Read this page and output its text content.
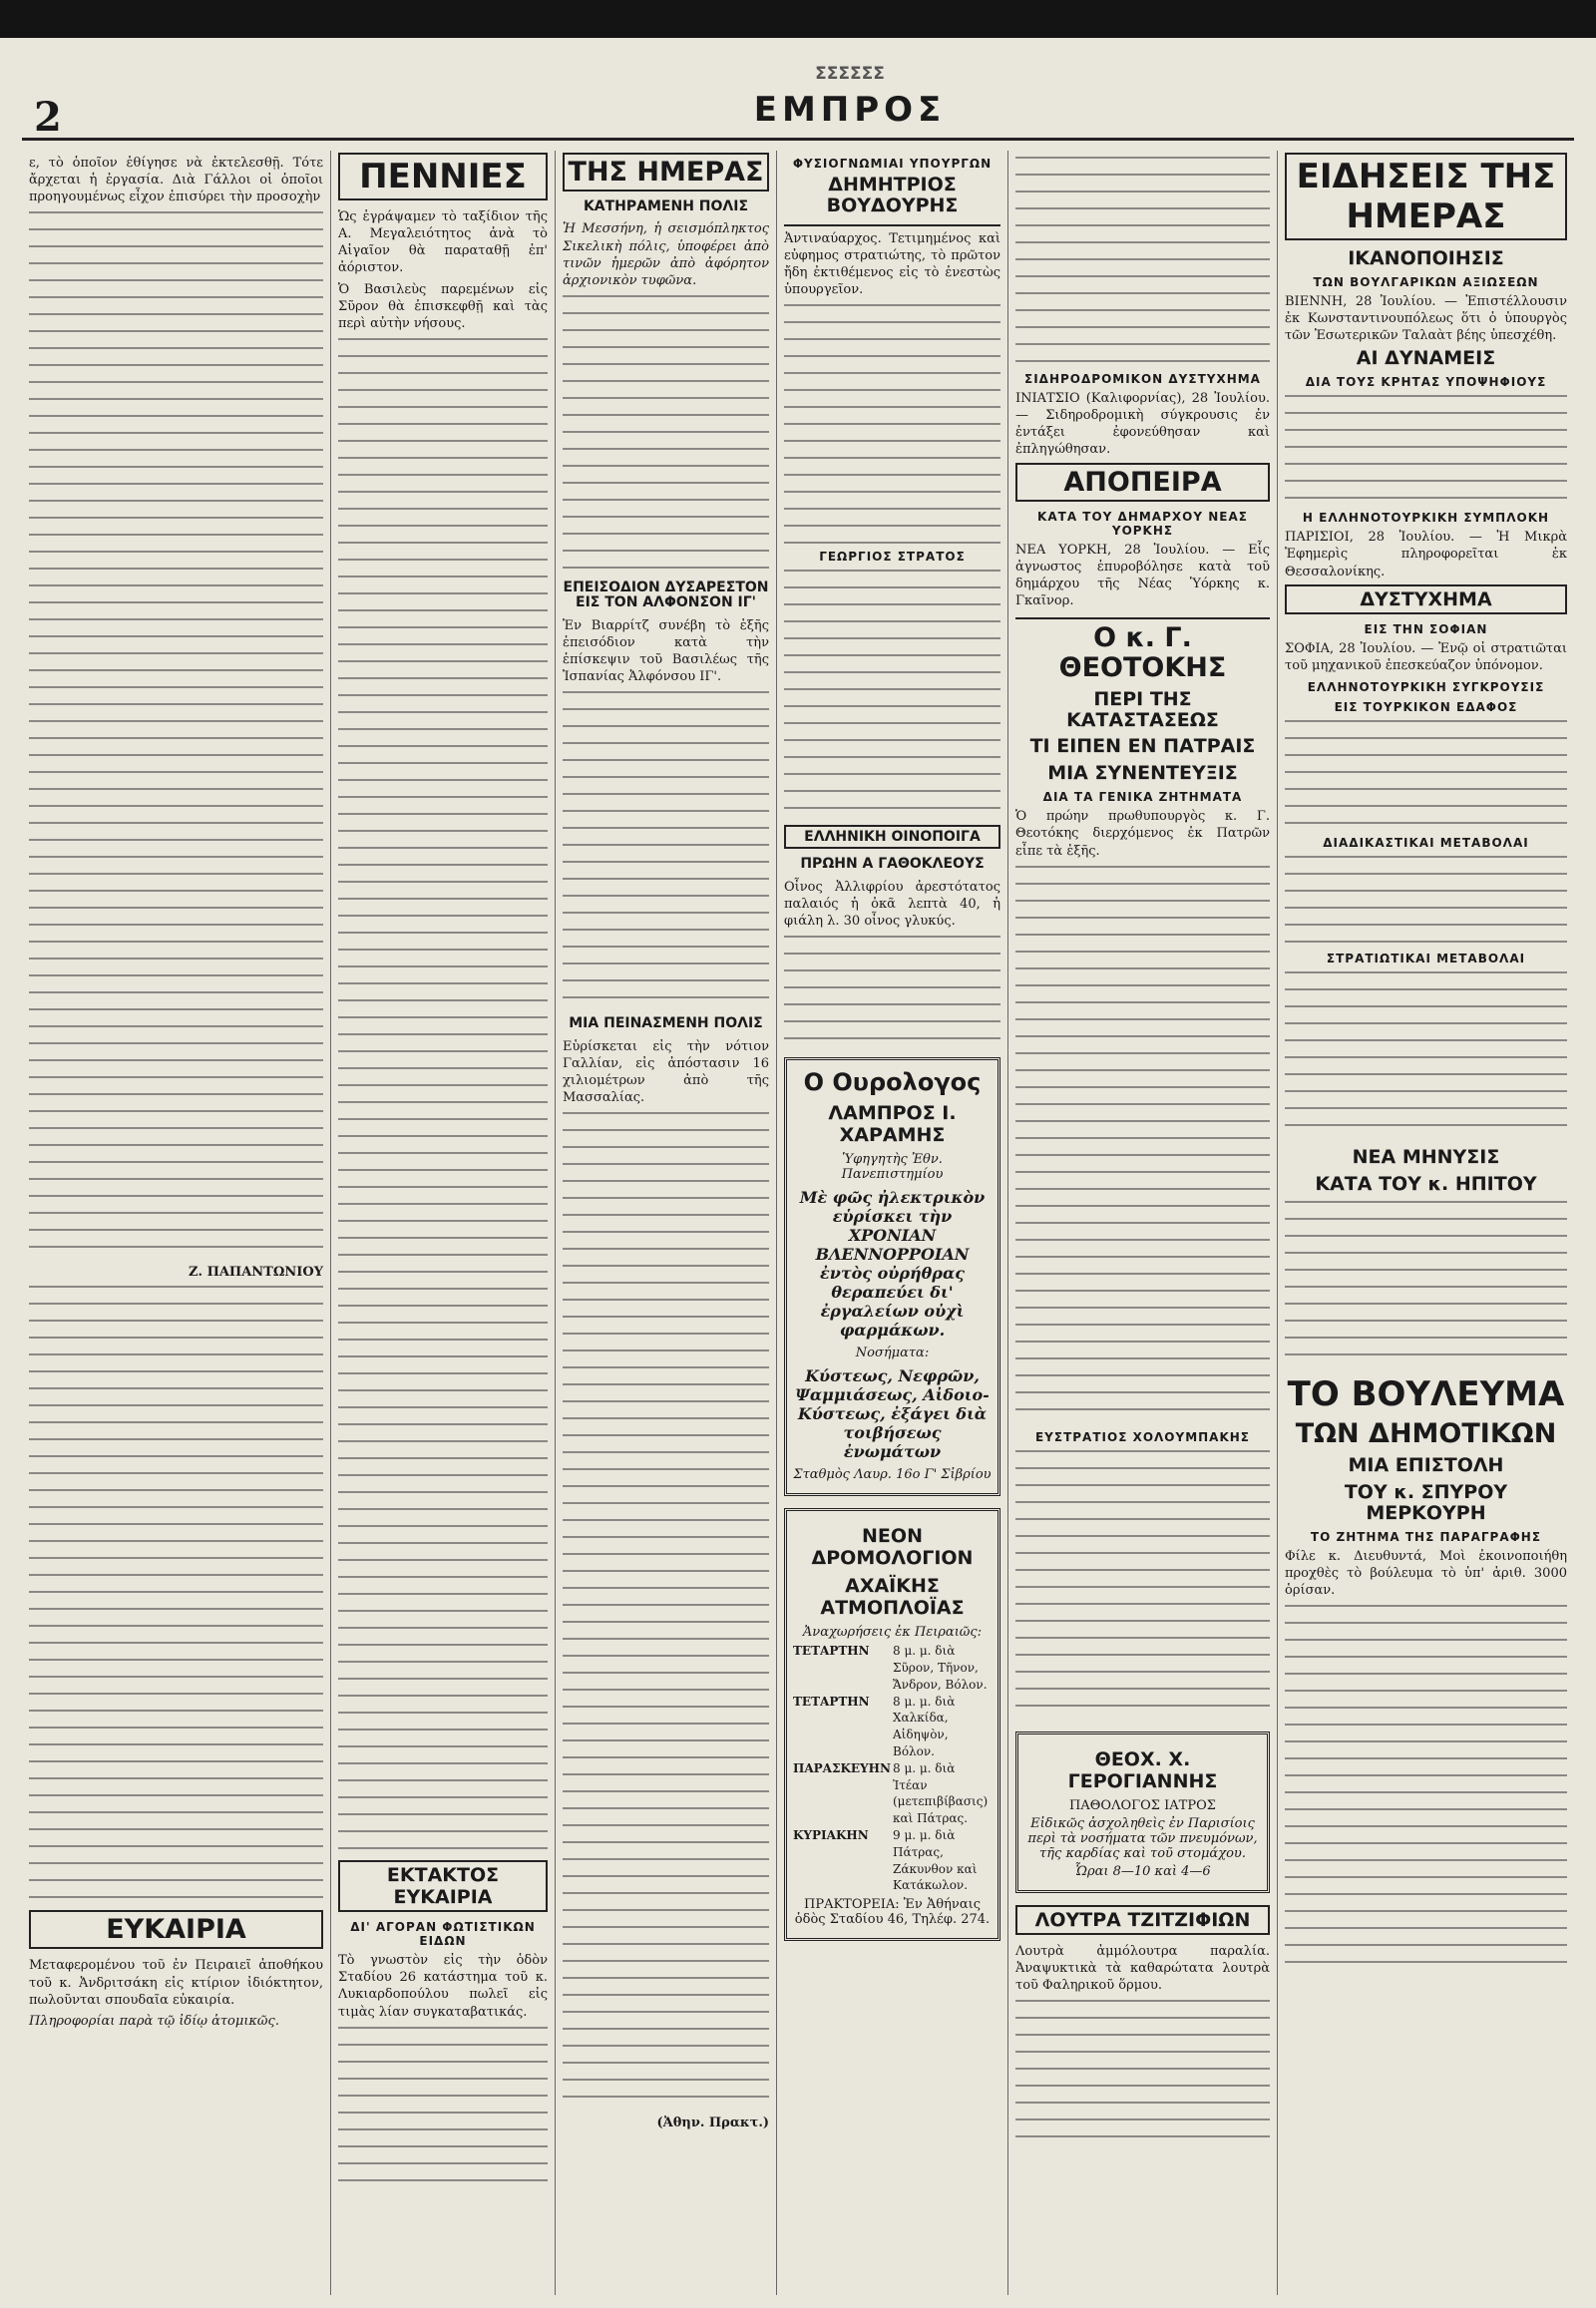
2
ΣΣΣΣΣΣ
ΕΜΠΡΟΣ

ε, τὸ ὁποῖον ἐθίγησε νὰ ἐκτελεσθῇ. Τότε ἄρχεται ἡ ἐργασία. Διὰ Γάλλοι οἱ ὁποῖοι προηγουμένως εἶχον ἐπισύρει τὴν προσοχὴν

Ζ. ΠΑΠΑΝΤΩΝΙΟΥ
ΕΥΚΑΙΡΙΑ

Μεταφερομένου τοῦ ἐν Πειραιεῖ ἀποθήκου τοῦ κ. Ἀνδριτσάκη εἰς κτίριον ἰδιόκτητον, πωλοῦνται σπουδαῖα εὐκαιρία.

Πληροφορίαι παρὰ τῷ ἰδίῳ ἀτομικῶς.

ΠΕΝΝΙΕΣ

Ὡς ἐγράψαμεν τὸ ταξίδιον τῆς Α. Μεγαλειότητος ἀνὰ τὸ Αἰγαῖον θὰ παραταθῇ ἐπ' ἀόριστον.

Ὁ Βασιλεὺς παρεμένων εἰς Σῦρον θὰ ἐπισκεφθῇ καὶ τὰς περὶ αὐτὴν νήσους.

ΕΚΤΑΚΤΟΣ ΕΥΚΑΙΡΙΑ
ΔΙ' ΑΓΟΡΑΝ ΦΩΤΙΣΤΙΚΩΝ ΕΙΔΩΝ

Τὸ γνωστὸν εἰς τὴν ὁδὸν Σταδίου 26 κατάστημα τοῦ κ. Λυκιαρδοπούλου πωλεῖ εἰς τιμὰς λίαν συγκαταβατικάς.

ΤΗΣ ΗΜΕΡΑΣ
ΚΑΤΗΡΑΜΕΝΗ ΠΟΛΙΣ

Ἡ Μεσσήνη, ἡ σεισμόπληκτος Σικελικὴ πόλις, ὑποφέρει ἀπὸ τινῶν ἡμερῶν ἀπὸ ἀφόρητον ἀρχιονικὸν τυφῶνα.

ΕΠΕΙΣΟΔΙΟΝ ΔΥΣΑΡΕΣΤΟΝ ΕΙΣ ΤΟΝ ΑΛΦΟΝΣΟΝ ΙΓ'

Ἐν Βιαρρίτζ συνέβη τὸ ἑξῆς ἐπεισόδιον κατὰ τὴν ἐπίσκεψιν τοῦ Βασιλέως τῆς Ἱσπανίας Ἀλφόνσου ΙΓ'.

ΜΙΑ ΠΕΙΝΑΣΜΕΝΗ ΠΟΛΙΣ

Εὑρίσκεται εἰς τὴν νότιον Γαλλίαν, εἰς ἀπόστασιν 16 χιλιομέτρων ἀπὸ τῆς Μασσαλίας.

(Ἀθην. Πρακτ.)
ΦΥΣΙΟΓΝΩΜΙΑΙ ΥΠΟΥΡΓΩΝ
ΔΗΜΗΤΡΙΟΣ ΒΟΥΔΟΥΡΗΣ

Ἀντιναύαρχος. Τετιμημένος καὶ εὐφημος στρατιώτης, τὸ πρῶτον ἤδη ἐκτιθέμενος εἰς τὸ ἐνεστὼς ὑπουργεῖον.

ΓΕΩΡΓΙΟΣ ΣΤΡΑΤΟΣ
ΕΛΛΗΝΙΚΗ ΟΙΝΟΠΟΙΓΑ
ΠΡΩΗΝ Α ΓΑΘΟΚΛΕΟΥΣ

Οἶνος Ἀλλιφρίου ἀρεστότατος παλαιός ἡ ὀκᾶ λεπτὰ 40, ἡ φιάλη λ. 30 οἶνος γλυκύς.

Ο Ουρολογος
ΛΑΜΠΡΟΣ Ι. ΧΑΡΑΜΗΣ
Ὑφηγητὴς Ἐθν. Πανεπιστημίου
Μὲ φῶς ἠλεκτρικὸν εὑρίσκει τὴν ΧΡΟΝΙΑΝ ΒΛΕΝΝΟΡΡΟΙΑΝ ἐντὸς οὐρήθρας θεραπεύει δι' ἐργαλείων οὐχὶ φαρμάκων.
Νοσήματα:
Κύστεως, Νεφρῶν, Ψαμμιάσεως, Αἰδοιο-Κύστεως, ἐξάγει διὰ τοιβήσεως ἐνωμάτων
Σταθμὸς Λαυρ. 16ο Γ' Σἰβρίου
ΝΕΟΝ ΔΡΟΜΟΛΟΓΙΟΝ
ΑΧΑΪΚΗΣ ΑΤΜΟΠΛΟΪΑΣ
Ἀναχωρήσεις ἐκ Πειραιῶς:
ΤΕΤΑΡΤΗΝ	8 μ. μ. διὰ Σῦρον, Τῆνον, Ἄνδρον, Βόλον.
ΤΕΤΑΡΤΗΝ	8 μ. μ. διὰ Χαλκίδα, Αἰδηψὸν, Βόλον.
ΠΑΡΑΣΚΕΥΗΝ 8 μ. μ. διὰ Ἰτέαν (μετεπιβίβασις) καὶ Πάτρας.
ΚΥΡΙΑΚΗΝ	9 μ. μ. διὰ Πάτρας, Ζάκυνθον καὶ Κατάκωλον.
ΠΡΑΚΤΟΡΕΙΑ: Ἐν Ἀθήναις ὁδὸς Σταδίου 46, Τηλέφ. 274.
ΣΙΔΗΡΟΔΡΟΜΙΚΟΝ ΔΥΣΤΥΧΗΜΑ

ΙΝΙΑΤΣΙΟ (Καλιφορνίας), 28 Ἰουλίου. — Σιδηροδρομικὴ σύγκρουσις ἐν ἐντάξει ἐφονεύθησαν καὶ ἐπληγώθησαν.

ΑΠΟΠΕΙΡΑ
ΚΑΤΑ ΤΟΥ ΔΗΜΑΡΧΟΥ ΝΕΑΣ ΥΟΡΚΗΣ

ΝΕΑ ΥΟΡΚΗ, 28 Ἰουλίου. — Εἷς ἀγνωστος ἐπυροβόλησε κατὰ τοῦ δημάρχου τῆς Νέας Ὑόρκης κ. Γκαῖνορ.

Ο κ. Γ. ΘΕΟΤΟΚΗΣ
ΠΕΡΙ ΤΗΣ ΚΑΤΑΣΤΑΣΕΩΣ
ΤΙ ΕΙΠΕΝ ΕΝ ΠΑΤΡΑΙΣ
ΜΙΑ ΣΥΝΕΝΤΕΥΞΙΣ
ΔΙΑ ΤΑ ΓΕΝΙΚΑ ΖΗΤΗΜΑΤΑ

Ὁ πρώην πρωθυπουργὸς κ. Γ. Θεοτόκης διερχόμενος ἐκ Πατρῶν εἶπε τὰ ἑξῆς.

ΕΥΣΤΡΑΤΙΟΣ ΧΟΛΟΥΜΠΑΚΗΣ
ΘΕΟΧ. Χ. ΓΕΡΟΓΙΑΝΝΗΣ
ΠΑΘΟΛΟΓΟΣ ΙΑΤΡΟΣ
Εἰδικῶς ἀσχοληθεὶς ἐν Παρισίοις περὶ τὰ νοσήματα τῶν πνευμόνων, τῆς καρδίας καὶ τοῦ στομάχου.
Ὧραι 8—10 καὶ 4—6
ΛΟΥΤΡΑ ΤΖΙΤΖΙΦΙΩΝ

Λουτρὰ ἀμμόλουτρα παραλία. Ἀναψυκτικὰ τὰ καθαρώτατα λουτρὰ τοῦ Φαληρικοῦ ὅρμου.

ΕΙΔΗΣΕΙΣ ΤΗΣ ΗΜΕΡΑΣ
ΙΚΑΝΟΠΟΙΗΣΙΣ
ΤΩΝ ΒΟΥΛΓΑΡΙΚΩΝ ΑΞΙΩΣΕΩΝ

ΒΙΕΝΝΗ, 28 Ἰουλίου. — Ἐπιστέλλουσιν ἐκ Κωνσταντινουπόλεως ὅτι ὁ ὑπουργὸς τῶν Ἐσωτερικῶν Ταλαὰτ βέης ὑπεσχέθη.

ΑΙ ΔΥΝΑΜΕΙΣ
ΔΙΑ ΤΟΥΣ ΚΡΗΤΑΣ ΥΠΟΨΗΦΙΟΥΣ
Η ΕΛΛΗΝΟΤΟΥΡΚΙΚΗ ΣΥΜΠΛΟΚΗ

ΠΑΡΙΣΙΟΙ, 28 Ἰουλίου. — Ἡ Μικρὰ Ἐφημερὶς πληροφορεῖται ἐκ Θεσσαλονίκης.

ΔΥΣΤΥΧΗΜΑ
ΕΙΣ ΤΗΝ ΣΟΦΙΑΝ

ΣΟΦΙΑ, 28 Ἰουλίου. — Ἐνῷ οἱ στρατιῶται τοῦ μηχανικοῦ ἐπεσκεύαζον ὑπόνομον.

ΕΛΛΗΝΟΤΟΥΡΚΙΚΗ ΣΥΓΚΡΟΥΣΙΣ
ΕΙΣ ΤΟΥΡΚΙΚΟΝ ΕΔΑΦΟΣ
ΔΙΑΔΙΚΑΣΤΙΚΑΙ ΜΕΤΑΒΟΛΑΙ
ΣΤΡΑΤΙΩΤΙΚΑΙ ΜΕΤΑΒΟΛΑΙ
ΝΕΑ ΜΗΝΥΣΙΣ
ΚΑΤΑ ΤΟΥ κ. ΗΠΙΤΟΥ
ΤΟ ΒΟΥΛΕΥΜΑ
ΤΩΝ ΔΗΜΟΤΙΚΩΝ
ΜΙΑ ΕΠΙΣΤΟΛΗ
ΤΟΥ κ. ΣΠΥΡΟΥ ΜΕΡΚΟΥΡΗ
ΤΟ ΖΗΤΗΜΑ ΤΗΣ ΠΑΡΑΓΡΑΦΗΣ

Φίλε κ. Διευθυντά, Μοὶ ἐκοινοποιήθη προχθὲς τὸ βούλευμα τὸ ὑπ' ἀριθ. 3000 ὁρίσαν.
